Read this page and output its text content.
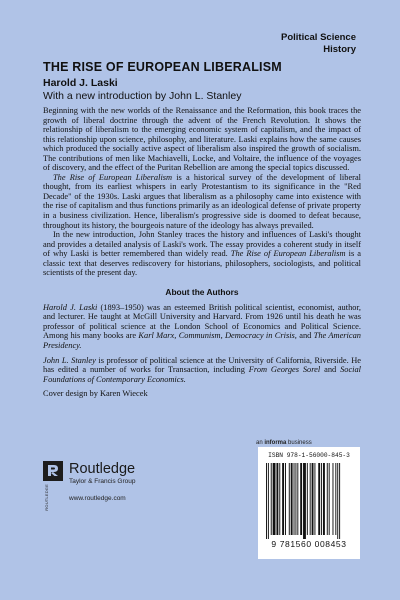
Political Science
History
THE RISE OF EUROPEAN LIBERALISM
Harold J. Laski
With a new introduction by John L. Stanley

Beginning with the new worlds of the Renaissance and the Reformation, this book traces the growth of liberal doctrine through the advent of the French Revolution. It shows the relationship of liberalism to the emerging economic system of capitalism, and the impact of this relationship upon science, philosophy, and literature. Laski explains how the same causes which produced the socially active aspect of liberalism also inspired the growth of socialism. The contributions of men like Machiavelli, Locke, and Voltaire, the influence of the voyages of discovery, and the effect of the Puritan Rebellion are among the special topics discussed.

The Rise of European Liberalism is a historical survey of the development of liberal thought, from its earliest whispers in early Protestantism to its significance in the "Red Decade" of the 1930s. Laski argues that liberalism as a philosophy came into existence with the rise of capitalism and thus functions primarily as an ideological defense of private property in a business civilization. Hence, liberalism's progressive side is doomed to defeat because, throughout its history, the bourgeois nature of the ideology has always prevailed.

In the new introduction, John Stanley traces the history and influences of Laski's thought and provides a detailed analysis of Laski's work. The essay provides a coherent study in itself of why Laski is better remembered than widely read. The Rise of European Liberalism is a classic text that deserves rediscovery for historians, philosophers, sociologists, and political scientists of the present day.

About the Authors

Harold J. Laski (1893–1950) was an esteemed British political scientist, economist, author, and lecturer. He taught at McGill University and Harvard. From 1926 until his death he was professor of political science at the London School of Economics and Political Science. Among his many books are Karl Marx, Communism, Democracy in Crisis, and The American Presidency.

John L. Stanley is professor of political science at the University of California, Riverside. He has edited a number of works for Transaction, including From Georges Sorel and Social Foundations of Contemporary Economics.

Cover design by Karen Wiecek
an informa business
ROUTLEDGE
Routledge
Taylor & Francis Group
www.routledge.com
ISBN 978-1-56000-845-3
9 781560 008453
